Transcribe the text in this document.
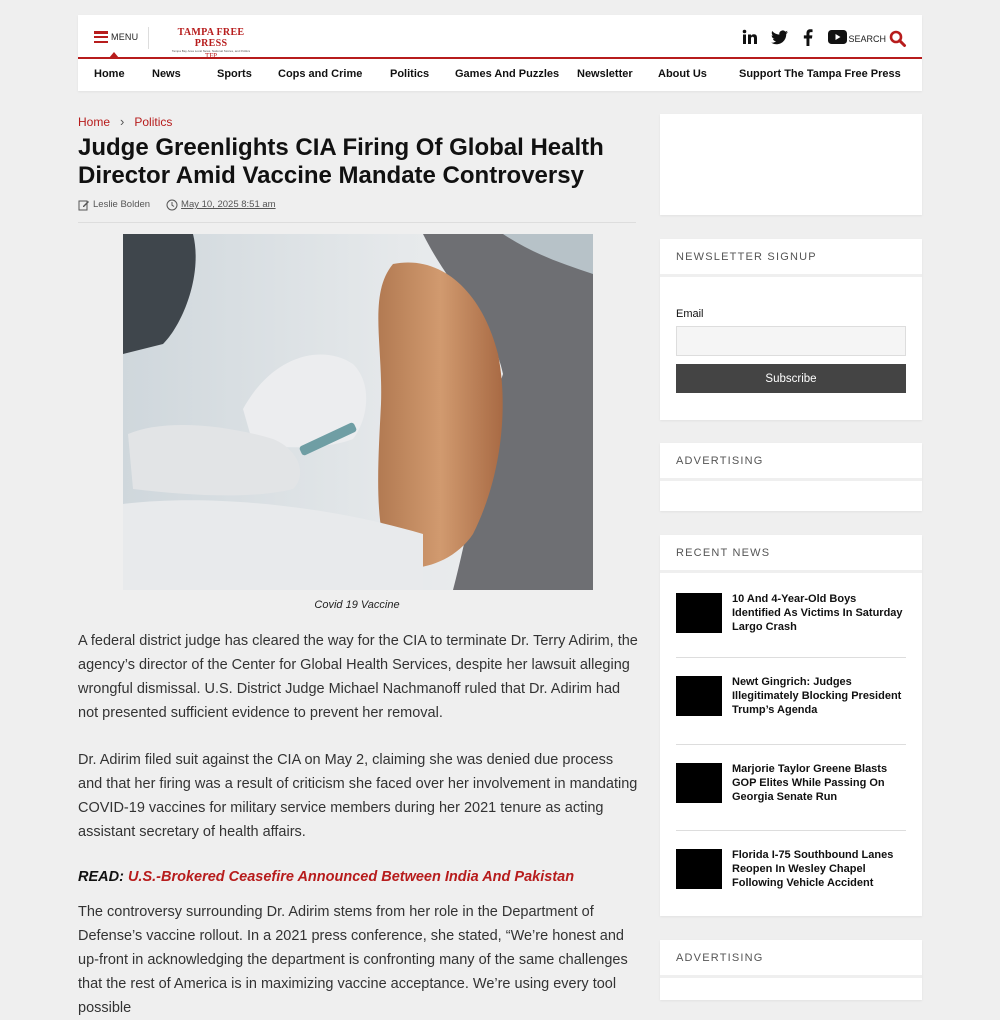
MENU	TAMPA FREE PRESS
Tampa Bay Area Local News, National Stories, and Politics
TFP
SEARCH
Home News	Sports Cops and Crime	Politics Games And Puzzles Newsletter About Us	Support The Tampa Free Press
Home › Politics
Judge Greenlights CIA Firing Of Global Health Director Amid Vaccine Mandate Controversy
Leslie Bolden	May 10, 2025 8:51 am
Covid 19 Vaccine

A federal district judge has cleared the way for the CIA to terminate Dr. Terry Adirim, the agency’s director of the Center for Global Health Services, despite her lawsuit alleging wrongful dismissal. U.S. District Judge Michael Nachmanoff ruled that Dr. Adirim had not presented sufficient evidence to prevent her removal.

Dr. Adirim filed suit against the CIA on May 2, claiming she was denied due process and that her firing was a result of criticism she faced over her involvement in mandating COVID-19 vaccines for military service members during her 2021 tenure as acting assistant secretary of health affairs.

READ: U.S.-Brokered Ceasefire Announced Between India And Pakistan

The controversy surrounding Dr. Adirim stems from her role in the Department of Defense’s vaccine rollout. In a 2021 press conference, she stated, “We’re honest and up-front in acknowledging the department is confronting many of the same challenges that the rest of America is in maximizing vaccine acceptance. We’re using every tool possible

NEWSLETTER SIGNUP
Email
Subscribe
ADVERTISING
RECENT NEWS
10 And 4-Year-Old Boys Identified As Victims In Saturday Largo Crash
Newt Gingrich: Judges Illegitimately Blocking President Trump’s Agenda
Marjorie Taylor Greene Blasts GOP Elites While Passing On Georgia Senate Run
Florida I-75 Southbound Lanes Reopen In Wesley Chapel Following Vehicle Accident
ADVERTISING
